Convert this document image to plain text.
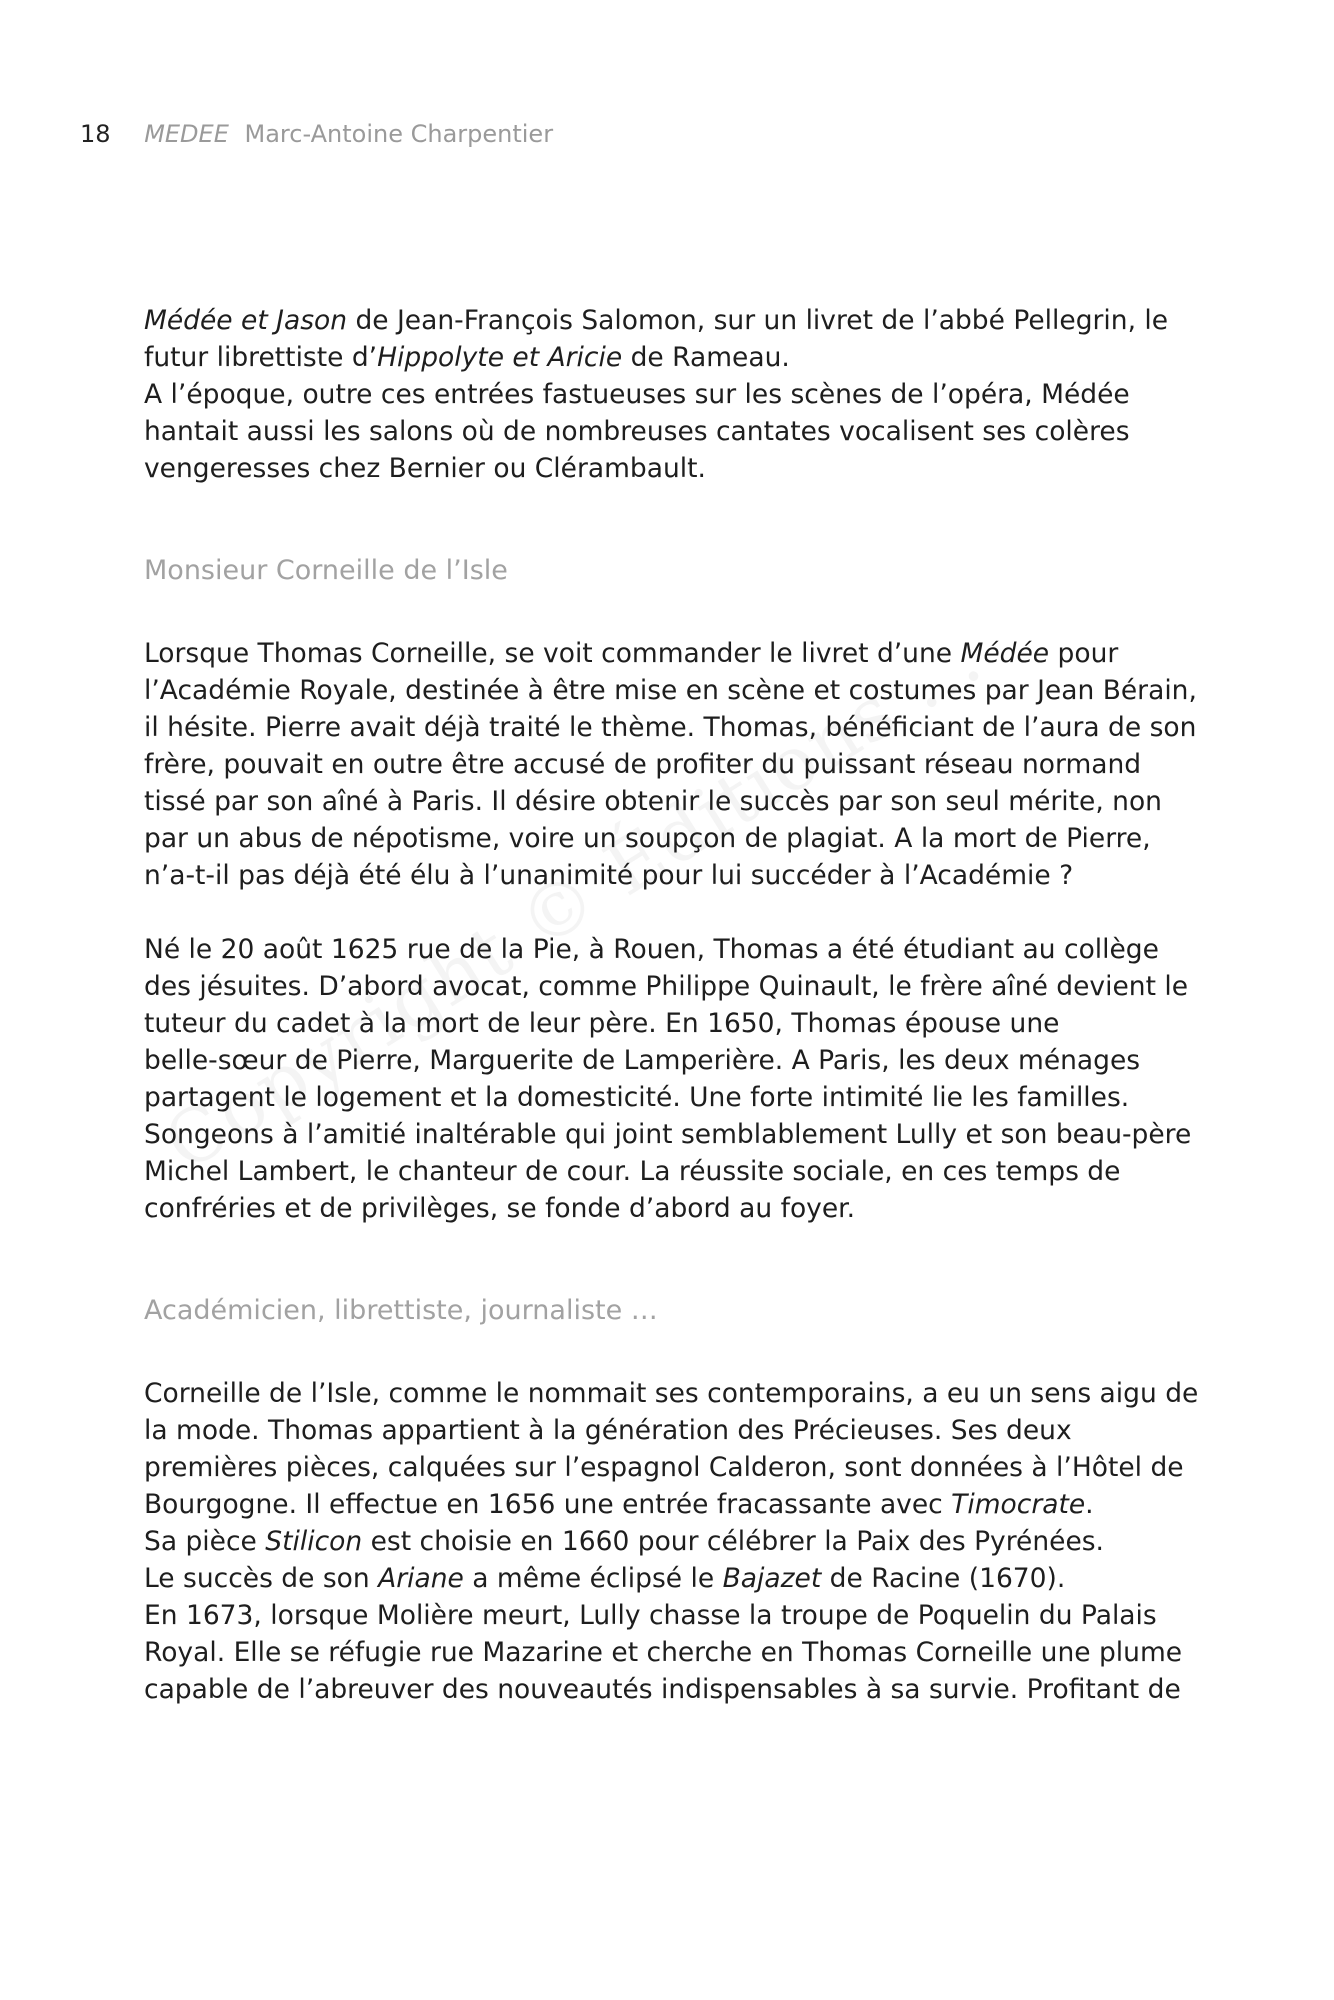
18 MEDEE Marc-Antoine Charpentier

Médée et Jason de Jean-François Salomon, sur un livret de l’abbé Pellegrin, le
futur librettiste d’Hippolyte et Aricie de Rameau.
A l’époque, outre ces entrées fastueuses sur les scènes de l’opéra, Médée
hantait aussi les salons où de nombreuses cantates vocalisent ses colères
vengeresses chez Bernier ou Clérambault.

Monsieur Corneille de l’Isle

Lorsque Thomas Corneille, se voit commander le livret d’une Médée pour
l’Académie Royale, destinée à être mise en scène et costumes par Jean Bérain,
il hésite. Pierre avait déjà traité le thème. Thomas, bénéficiant de l’aura de son
frère, pouvait en outre être accusé de profiter du puissant réseau normand
tissé par son aîné à Paris. Il désire obtenir le succès par son seul mérite, non
par un abus de népotisme, voire un soupçon de plagiat. A la mort de Pierre,
n’a-t-il pas déjà été élu à l’unanimité pour lui succéder à l’Académie ?

Né le 20 août 1625 rue de la Pie, à Rouen, Thomas a été étudiant au collège
des jésuites. D’abord avocat, comme Philippe Quinault, le frère aîné devient le
tuteur du cadet à la mort de leur père. En 1650, Thomas épouse une
belle-sœur de Pierre, Marguerite de Lamperière. A Paris, les deux ménages
partagent le logement et la domesticité. Une forte intimité lie les familles.
Songeons à l’amitié inaltérable qui joint semblablement Lully et son beau-père
Michel Lambert, le chanteur de cour. La réussite sociale, en ces temps de
confréries et de privilèges, se fonde d’abord au foyer.

Académicien, librettiste, journaliste …

Corneille de l’Isle, comme le nommait ses contemporains, a eu un sens aigu de
la mode. Thomas appartient à la génération des Précieuses. Ses deux
premières pièces, calquées sur l’espagnol Calderon, sont données à l’Hôtel de
Bourgogne. Il effectue en 1656 une entrée fracassante avec Timocrate.
Sa pièce Stilicon est choisie en 1660 pour célébrer la Paix des Pyrénées.
Le succès de son Ariane a même éclipsé le Bajazet de Racine (1670).
En 1673, lorsque Molière meurt, Lully chasse la troupe de Poquelin du Palais
Royal. Elle se réfugie rue Mazarine et cherche en Thomas Corneille une plume
capable de l’abreuver des nouveautés indispensables à sa survie. Profitant de
